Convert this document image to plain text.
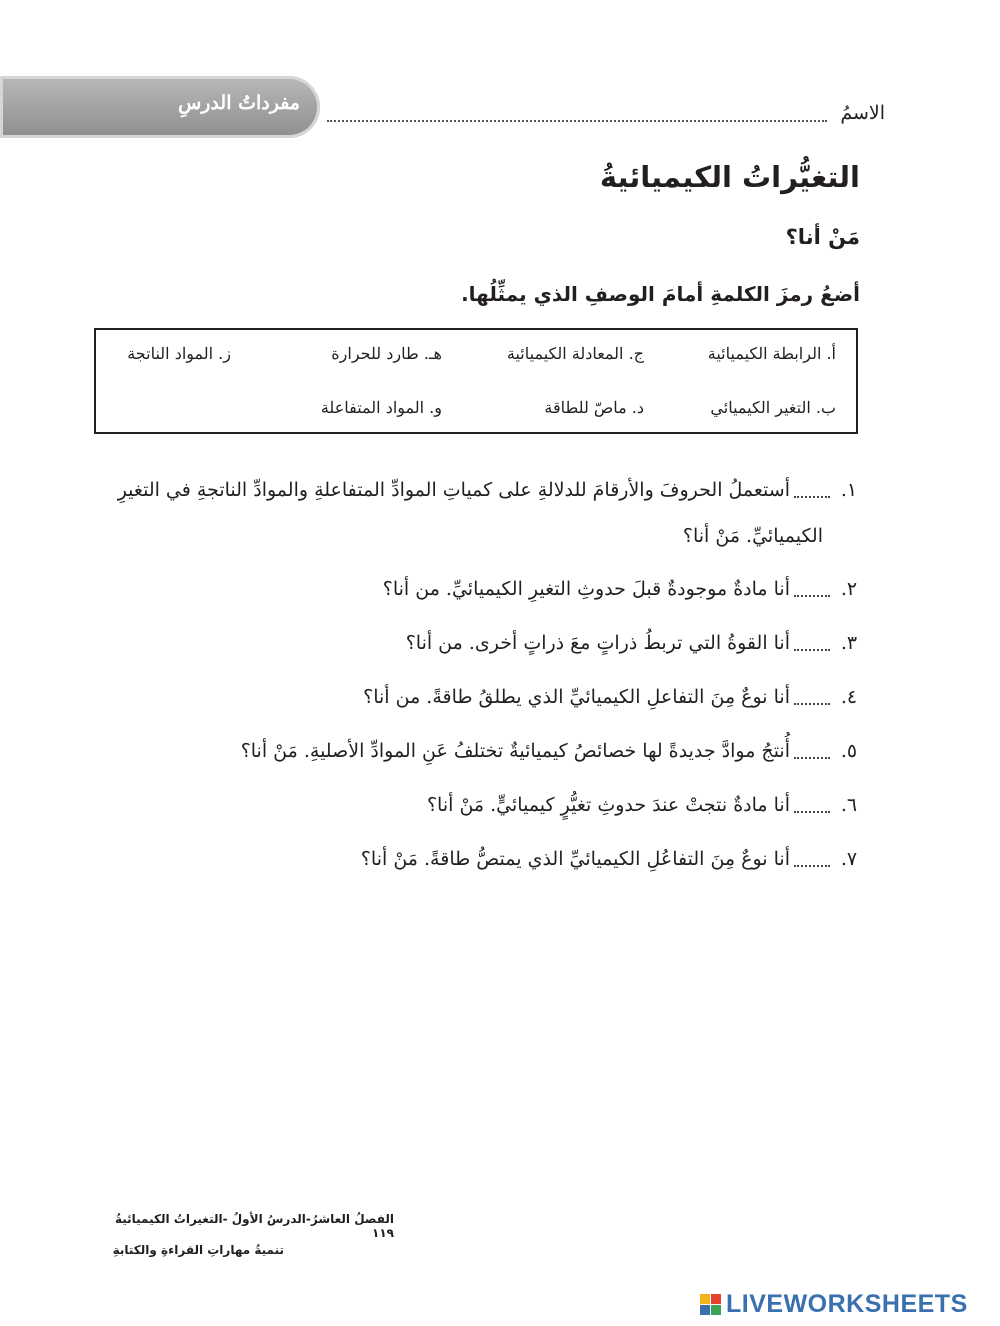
مفرداتُ الدرسِ	الاسمُ
التغيُّراتُ الكيميائيةُ
مَنْ أنا؟
أضعُ رمزَ الكلمةِ أمامَ الوصفِ الذي يمثِّلُها.
أ. الرابطة الكيميائية
ج. المعادلة الكيميائية
هـ. طارد للحرارة
ز. المواد الناتجة
ب. التغير الكيميائي
د. ماصّ للطاقة
و. المواد المتفاعلة
١.أستعملُ الحروفَ والأرقامَ للدلالةِ على كمياتِ الموادِّ المتفاعلةِ والموادِّ الناتجةِ في التغيرِ
الكيميائيِّ. مَنْ أنا؟
٢.أنا مادةٌ موجودةٌ قبلَ حدوثِ التغيرِ الكيميائيِّ. من أنا؟
٣.أنا القوةُ التي تربطُ ذراتٍ معَ ذراتٍ أخرى. من أنا؟
٤.أنا نوعٌ مِنَ التفاعلِ الكيميائيِّ الذي يطلقُ طاقةً. من أنا؟
٥.أُنتجُ موادَّ جديدةً لها خصائصُ كيميائيةٌ تختلفُ عَنِ الموادِّ الأصليةِ. مَنْ أنا؟
٦.أنا مادةٌ نتجتْ عندَ حدوثِ تغيُّرٍ كيميائيٍّ. مَنْ أنا؟
٧.أنا نوعٌ مِنَ التفاعُلِ الكيميائيِّ الذي يمتصُّ طاقةً. مَنْ أنا؟
الفصلُ العاشرُ-الدرسُ الأولُ -التغيراتُ الكيميائيةُ ١١٩
تنميةُ مهاراتِ القراءةِ والكتابةِ
LIVEWORKSHEETS
